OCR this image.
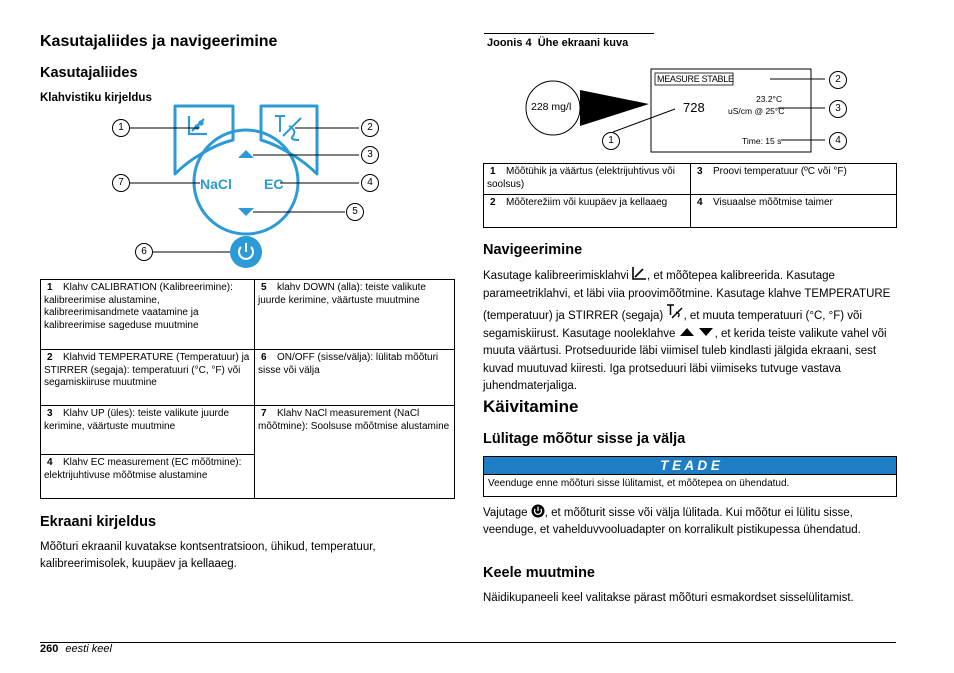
Kasutajaliides ja navigeerimine
Kasutajaliides
Klahvistiku kirjeldus
NaCl EC
1	2
3
7	4
5
6
1 Klahv CALIBRATION (Kalibreerimine): kalibreerimise alustamine, kalibreerimisandmete vaatamine ja kalibreerimise sageduse muutmine	5 klahv DOWN (alla): teiste valikute juurde kerimine, väärtuste muutmine
2 Klahvid TEMPERATURE (Temperatuur) ja STIRRER (segaja): temperatuuri (°C, °F) või segamiskiiruse muutmine	6 ON/OFF (sisse/välja): lülitab mõõturi sisse või välja
3 Klahv UP (üles): teiste valikute juurde kerimine, väärtuste muutmine	7 Klahv NaCl measurement (NaCl mõõtmine): Soolsuse mõõtmise alustamine
4 Klahv EC measurement (EC mõõtmine): elektrijuhtivuse mõõtmise alustamine	
Ekraani kirjeldus

Mõõturi ekraanil kuvatakse kontsentratsioon, ühikud, temperatuur, kalibreerimisolek, kuupäev ja kellaaeg.

Joonis 4  Ühe ekraani kuva
MEASURE STABLE
728
23.2°C
uS/cm @ 25°C
Time: 15 s
228 mg/l
2
3
1	4
1 Mõõtühik ja väärtus (elektrijuhtivus või soolsus)	3 Proovi temperatuur (ºC või °F)
2 Mõõterežiim või kuupäev ja kellaaeg	4 Visuaalse mõõtmise taimer
Navigeerimine

Kasutage kalibreerimisklahvi , et mõõtepea kalibreerida. Kasutage parameetriklahvi, et läbi viia proovimõõtmine. Kasutage klahve TEMPERATURE (temperatuur) ja STIRRER (segaja) , et muuta temperatuuri (°C, °F) või segamiskiirust. Kasutage nooleklahve	, et kerida teiste valikute vahel või muuta väärtusi. Protseduuride läbi viimisel tuleb kindlasti jälgida ekraani, sest kuvad muutuvad kiiresti. Iga protseduuri läbi viimiseks tutvuge vastava juhendmaterjaliga.

Käivitamine
Lülitage mõõtur sisse ja välja
T E A D E
Veenduge enne mõõturi sisse lülitamist, et mõõtepea on ühendatud.

Vajutage , et mõõturit sisse või välja lülitada. Kui mõõtur ei lülitu sisse, veenduge, et vahelduvvooluadapter on korralikult pistikupessa ühendatud.

Keele muutmine

Näidikupaneeli keel valitakse pärast mõõturi esmakordset sisselülitamist.

260 eesti keel
